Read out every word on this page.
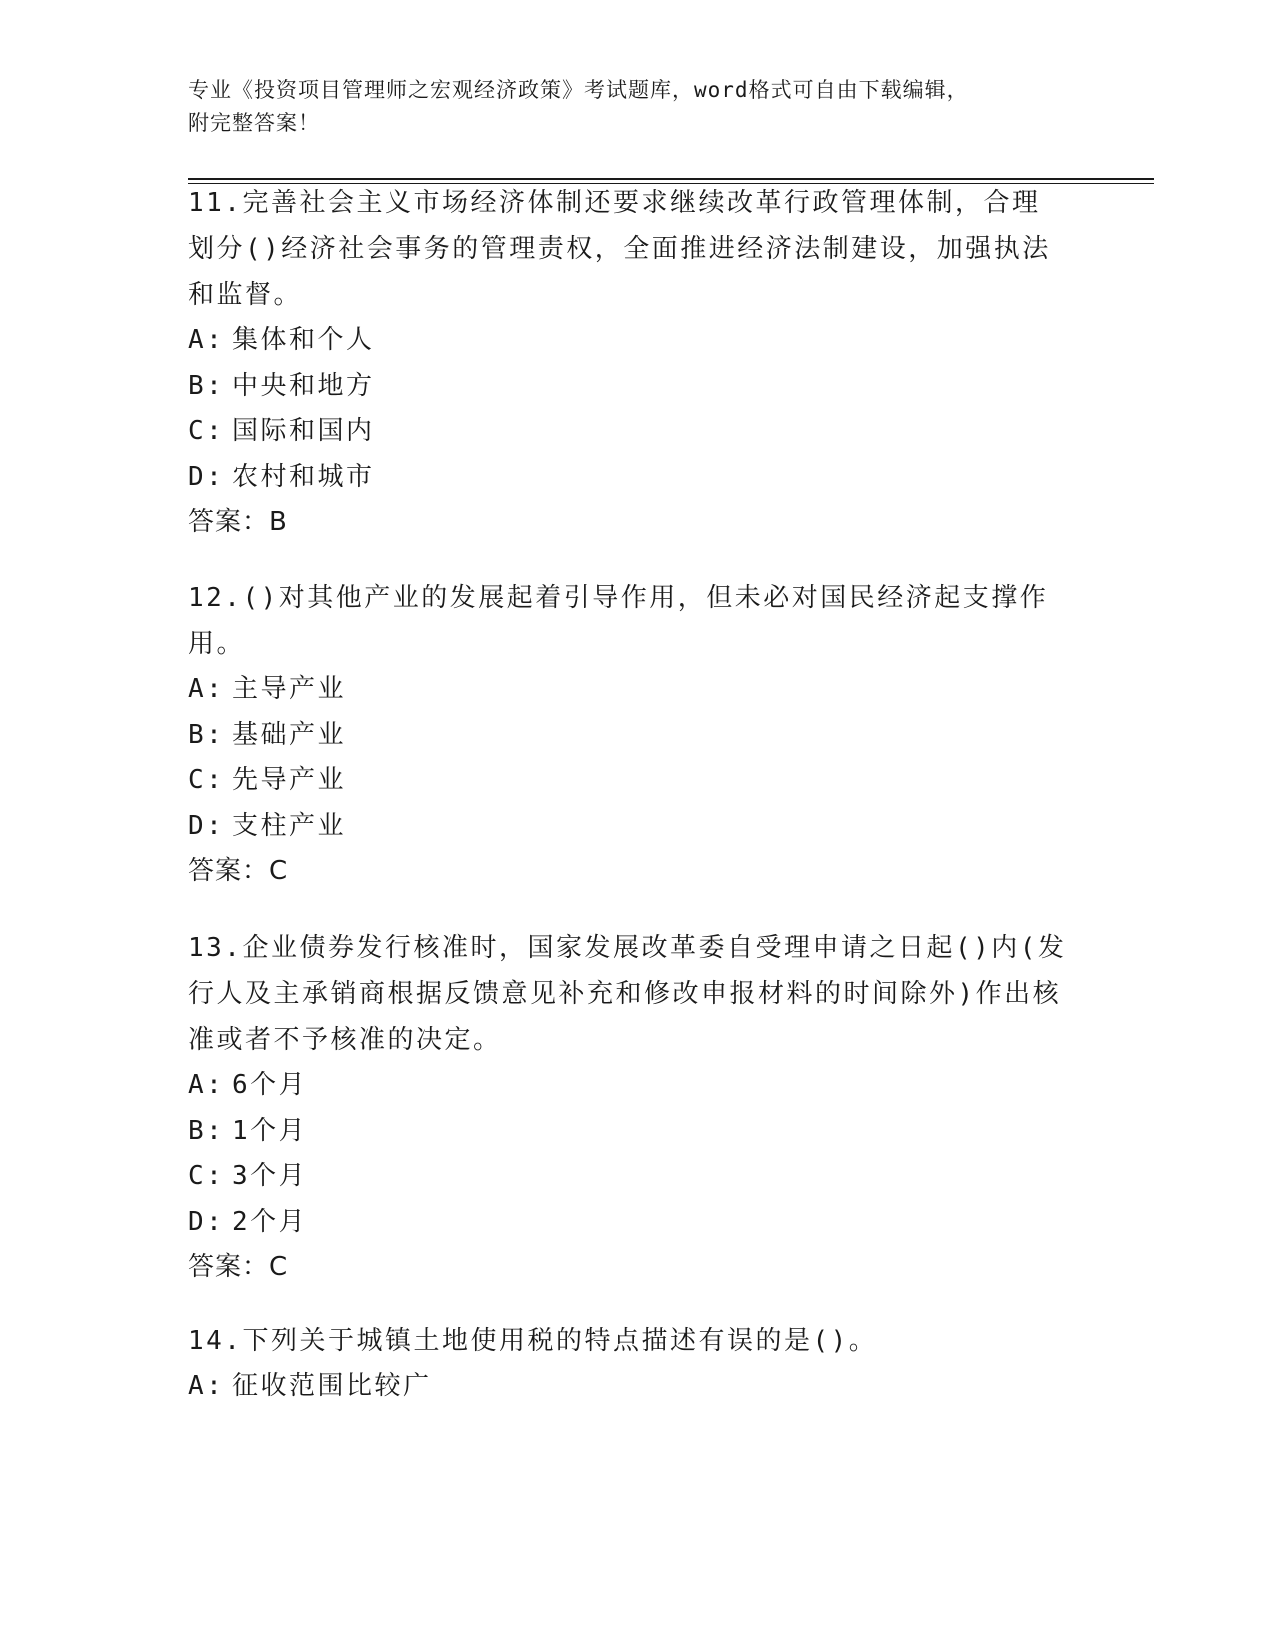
专业《投资项目管理师之宏观经济政策》考试题库，word格式可自由下载编辑，
附完整答案！

11.完善社会主义市场经济体制还要求继续改革行政管理体制，合理划分()经济社会事务的管理责权，全面推进经济法制建设，加强执法和监督。

A: 集体和个人

B: 中央和地方

C: 国际和国内

D: 农村和城市

答案：B

12.()对其他产业的发展起着引导作用，但未必对国民经济起支撑作用。

A: 主导产业

B: 基础产业

C: 先导产业

D: 支柱产业

答案：C

13.企业债券发行核准时，国家发展改革委自受理申请之日起()内(发行人及主承销商根据反馈意见补充和修改申报材料的时间除外)作出核准或者不予核准的决定。

A: 6个月

B: 1个月

C: 3个月

D: 2个月

答案：C

14.下列关于城镇土地使用税的特点描述有误的是()。

A: 征收范围比较广
